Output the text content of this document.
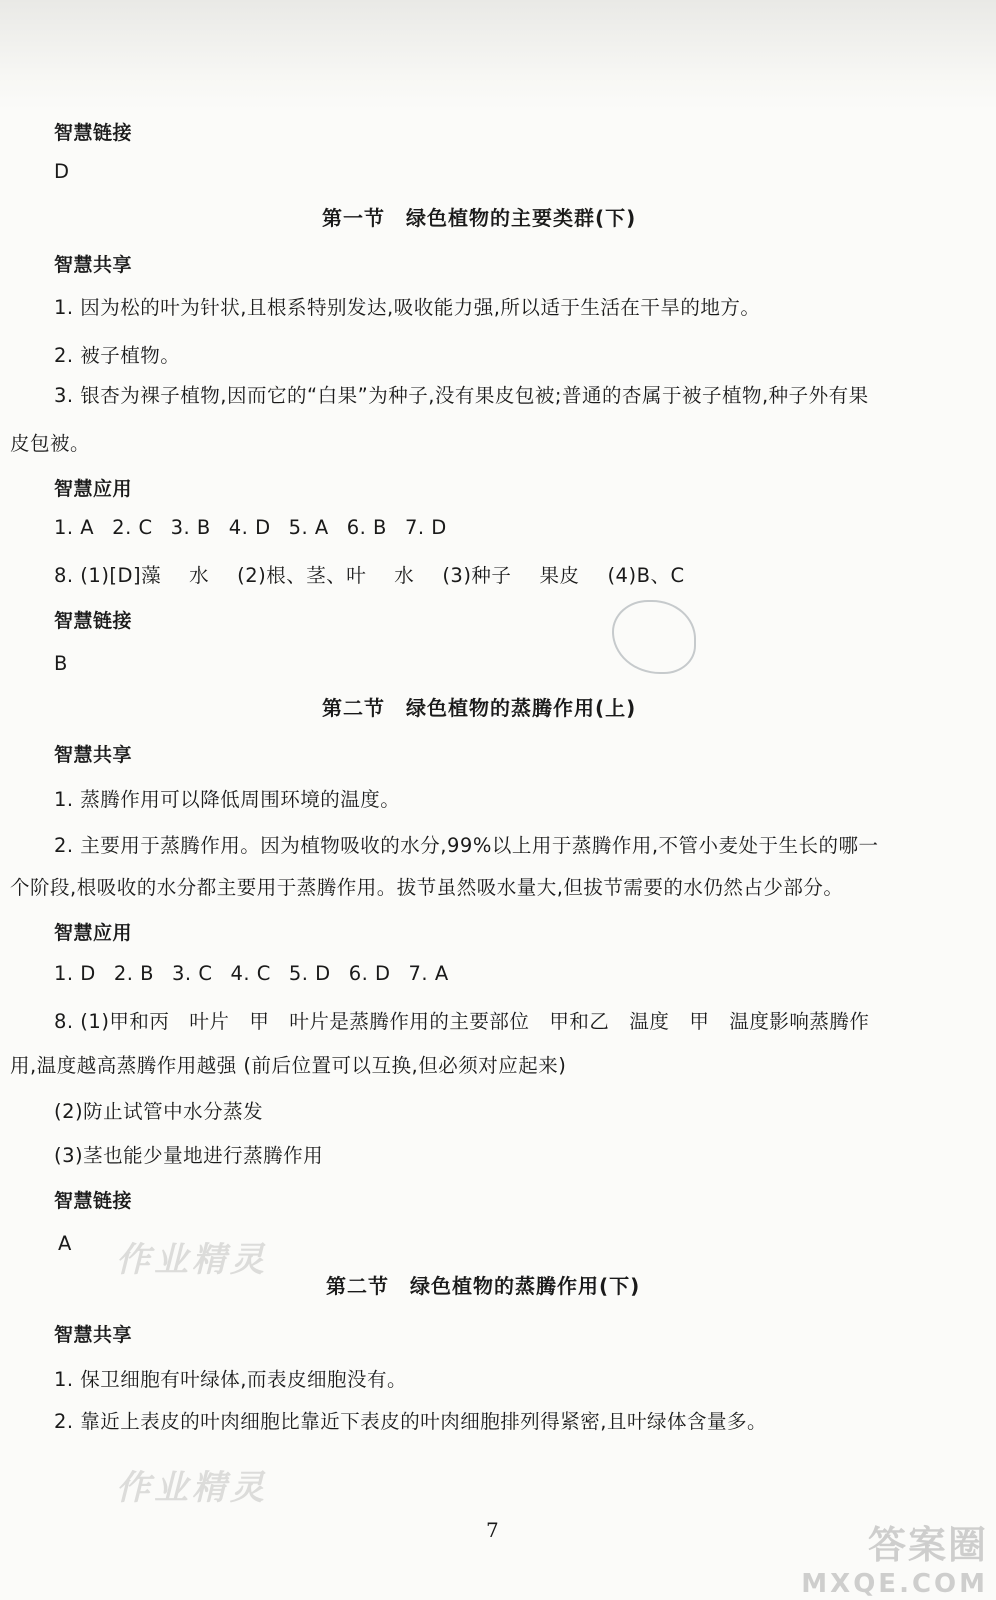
智慧链接
D
第一节　绿色植物的主要类群(下)
智慧共享
1. 因为松的叶为针状,且根系特别发达,吸收能力强,所以适于生活在干旱的地方。
2. 被子植物。
3. 银杏为裸子植物,因而它的“白果”为种子,没有果皮包被;普通的杏属于被子植物,种子外有果
皮包被。
智慧应用
1. A 2. C 3. B 4. D 5. A 6. B 7. D
8. (1)[D]藻 水 (2)根、茎、叶 水 (3)种子 果皮 (4)B、C
智慧链接
B
第二节　绿色植物的蒸腾作用(上)
智慧共享
1. 蒸腾作用可以降低周围环境的温度。
2. 主要用于蒸腾作用。因为植物吸收的水分,99%以上用于蒸腾作用,不管小麦处于生长的哪一
个阶段,根吸收的水分都主要用于蒸腾作用。拔节虽然吸水量大,但拔节需要的水仍然占少部分。
智慧应用
1. D 2. B 3. C 4. C 5. D 6. D 7. A
8. (1)甲和丙　叶片　甲　叶片是蒸腾作用的主要部位　甲和乙　温度　甲　温度影响蒸腾作
用,温度越高蒸腾作用越强 (前后位置可以互换,但必须对应起来)
(2)防止试管中水分蒸发
(3)茎也能少量地进行蒸腾作用
智慧链接
A 作业精灵
第二节　绿色植物的蒸腾作用(下)
智慧共享
1. 保卫细胞有叶绿体,而表皮细胞没有。
2. 靠近上表皮的叶肉细胞比靠近下表皮的叶肉细胞排列得紧密,且叶绿体含量多。
作业精灵
7	答案圈
MXQE.COM
